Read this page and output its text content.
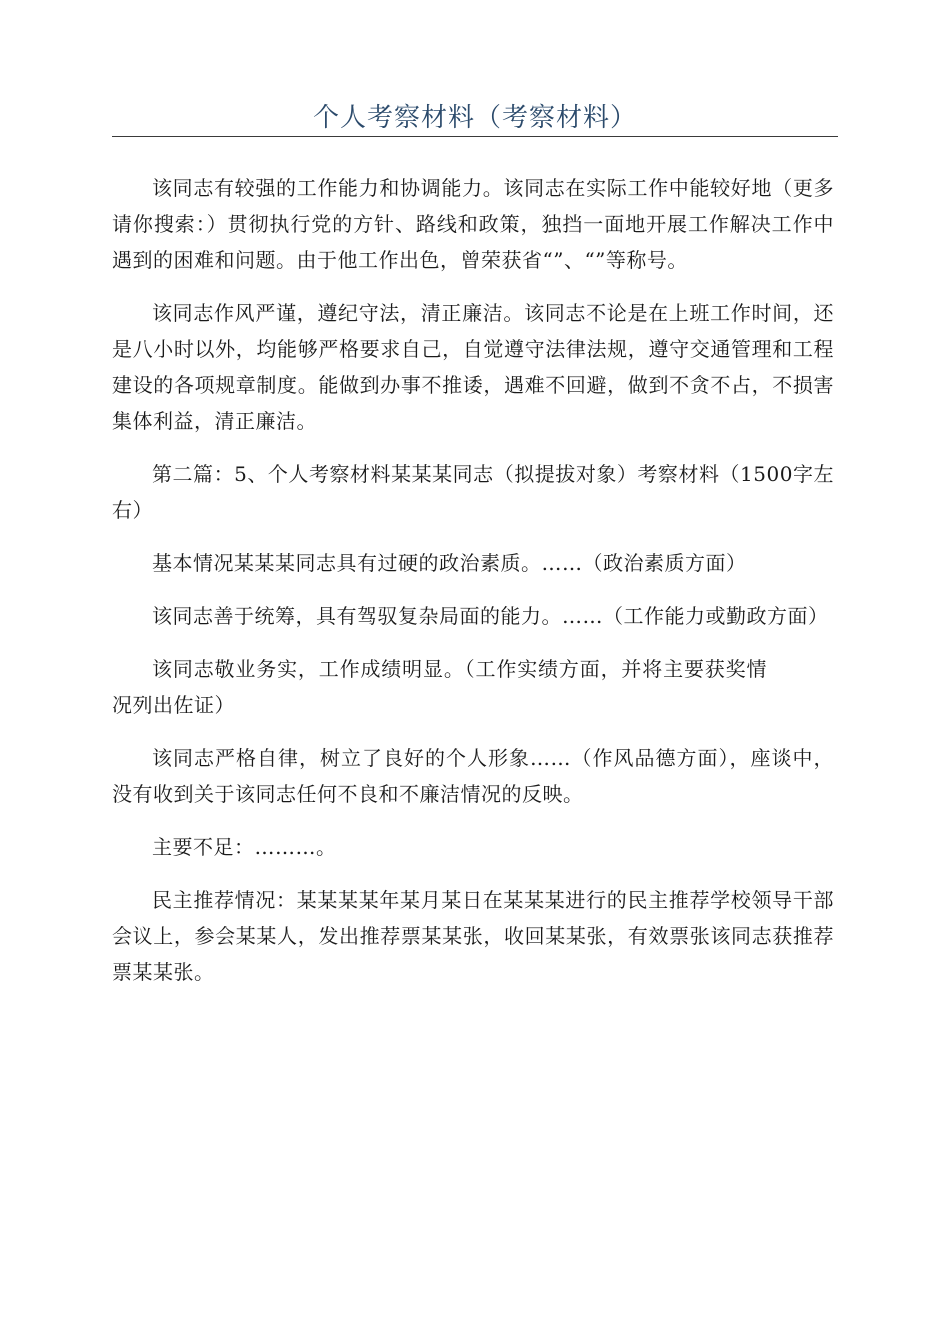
个人考察材料（考察材料）

该同志有较强的工作能力和协调能力。该同志在实际工作中能较好地（更多请你搜索：）贯彻执行党的方针、路线和政策，独挡一面地开展工作解决工作中遇到的困难和问题。由于他工作出色，曾荣获省“”、“”等称号。

该同志作风严谨，遵纪守法，清正廉洁。该同志不论是在上班工作时间，还是八小时以外，均能够严格要求自己，自觉遵守法律法规，遵守交通管理和工程建设的各项规章制度。能做到办事不推诿，遇难不回避，做到不贪不占，不损害集体利益，清正廉洁。

第二篇：5、个人考察材料某某某同志（拟提拔对象）考察材料（1500字左右）

基本情况某某某同志具有过硬的政治素质。……（政治素质方面）

该同志善于统筹，具有驾驭复杂局面的能力。……（工作能力或勤政方面）

该同志敬业务实，工作成绩明显。（工作实绩方面，并将主要获奖情况列出佐证）

该同志严格自律，树立了良好的个人形象……（作风品德方面），座谈中，没有收到关于该同志任何不良和不廉洁情况的反映。

主要不足：………。

民主推荐情况：某某某某年某月某日在某某某进行的民主推荐学校领导干部会议上，参会某某人，发出推荐票某某张，收回某某张，有效票张该同志获推荐票某某张。
